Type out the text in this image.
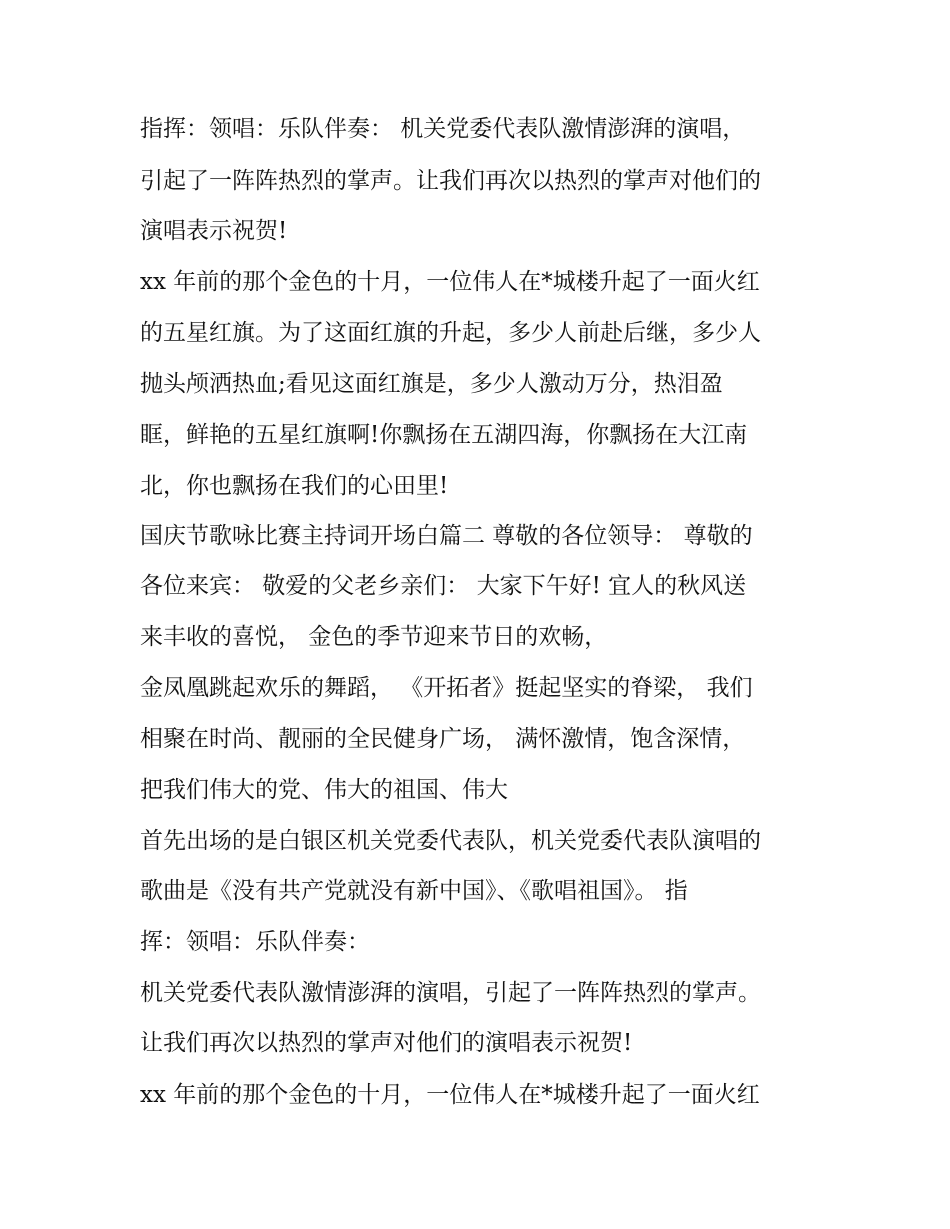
指挥：领唱：乐队伴奏： 机关党委代表队激情澎湃的演唱，
引起了一阵阵热烈的掌声。让我们再次以热烈的掌声对他们的
演唱表示祝贺!
xx 年前的那个金色的十月，一位伟人在*城楼升起了一面火红
的五星红旗。为了这面红旗的升起，多少人前赴后继，多少人
抛头颅洒热血;看见这面红旗是，多少人激动万分，热泪盈
眶，鲜艳的五星红旗啊!你飘扬在五湖四海，你飘扬在大江南
北，你也飘扬在我们的心田里!
国庆节歌咏比赛主持词开场白篇二 尊敬的各位领导： 尊敬的
各位来宾： 敬爱的父老乡亲们： 大家下午好! 宜人的秋风送
来丰收的喜悦， 金色的季节迎来节日的欢畅，
金凤凰跳起欢乐的舞蹈， 《开拓者》挺起坚实的脊梁， 我们
相聚在时尚、靓丽的全民健身广场， 满怀激情，饱含深情，
把我们伟大的党、伟大的祖国、伟大
首先出场的是白银区机关党委代表队，机关党委代表队演唱的
歌曲是《没有共产党就没有新中国》、《歌唱祖国》。 指
挥：领唱：乐队伴奏：
机关党委代表队激情澎湃的演唱，引起了一阵阵热烈的掌声。
让我们再次以热烈的掌声对他们的演唱表示祝贺!
xx 年前的那个金色的十月，一位伟人在*城楼升起了一面火红
